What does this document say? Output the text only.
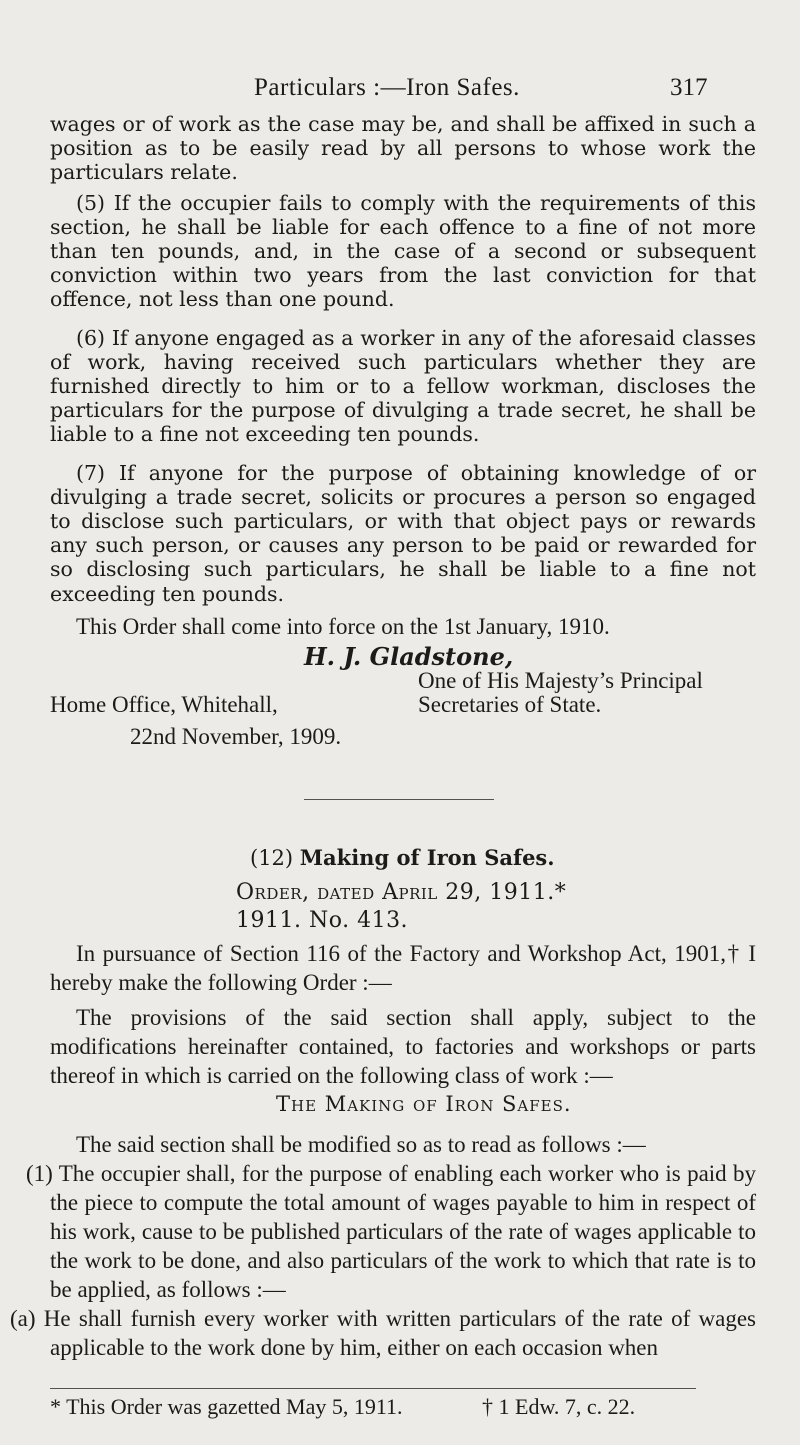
Particulars :—Iron Safes.	317

wages or of work as the case may be, and shall be affixed in such a position as to be easily read by all persons to whose work the particulars relate.

(5) If the occupier fails to comply with the requirements of this section, he shall be liable for each offence to a fine of not more than ten pounds, and, in the case of a second or subsequent conviction within two years from the last conviction for that offence, not less than one pound.

(6) If anyone engaged as a worker in any of the aforesaid classes of work, having received such particulars whether they are furnished directly to him or to a fellow workman, discloses the particulars for the purpose of divulging a trade secret, he shall be liable to a fine not exceeding ten pounds.

(7) If anyone for the purpose of obtaining knowledge of or divulging a trade secret, solicits or procures a person so engaged to disclose such particulars, or with that object pays or rewards any such person, or causes any person to be paid or rewarded for so disclosing such particulars, he shall be liable to a fine not exceeding ten pounds.

This Order shall come into force on the 1st January, 1910.

H. J. Gladstone,
One of His Majesty’s Principal
Home Office, Whitehall,	Secretaries of State.
22nd November, 1909.
(12) Making of Iron Safes.
Order, dated April 29, 1911.*
1911. No. 413.

In pursuance of Section 116 of the Factory and Workshop Act, 1901,† I hereby make the following Order :—

The provisions of the said section shall apply, subject to the modifications hereinafter contained, to factories and workshops or parts thereof in which is carried on the following class of work :—

The Making of Iron Safes.

The said section shall be modified so as to read as follows :—

(1) The occupier shall, for the purpose of enabling each worker who is paid by the piece to compute the total amount of wages payable to him in respect of his work, cause to be published particulars of the rate of wages applicable to the work to be done, and also particulars of the work to which that rate is to be applied, as follows :—

(a) He shall furnish every worker with written particulars of the rate of wages applicable to the work done by him, either on each occasion when

* This Order was gazetted May 5, 1911.	† 1 Edw. 7, c. 22.
